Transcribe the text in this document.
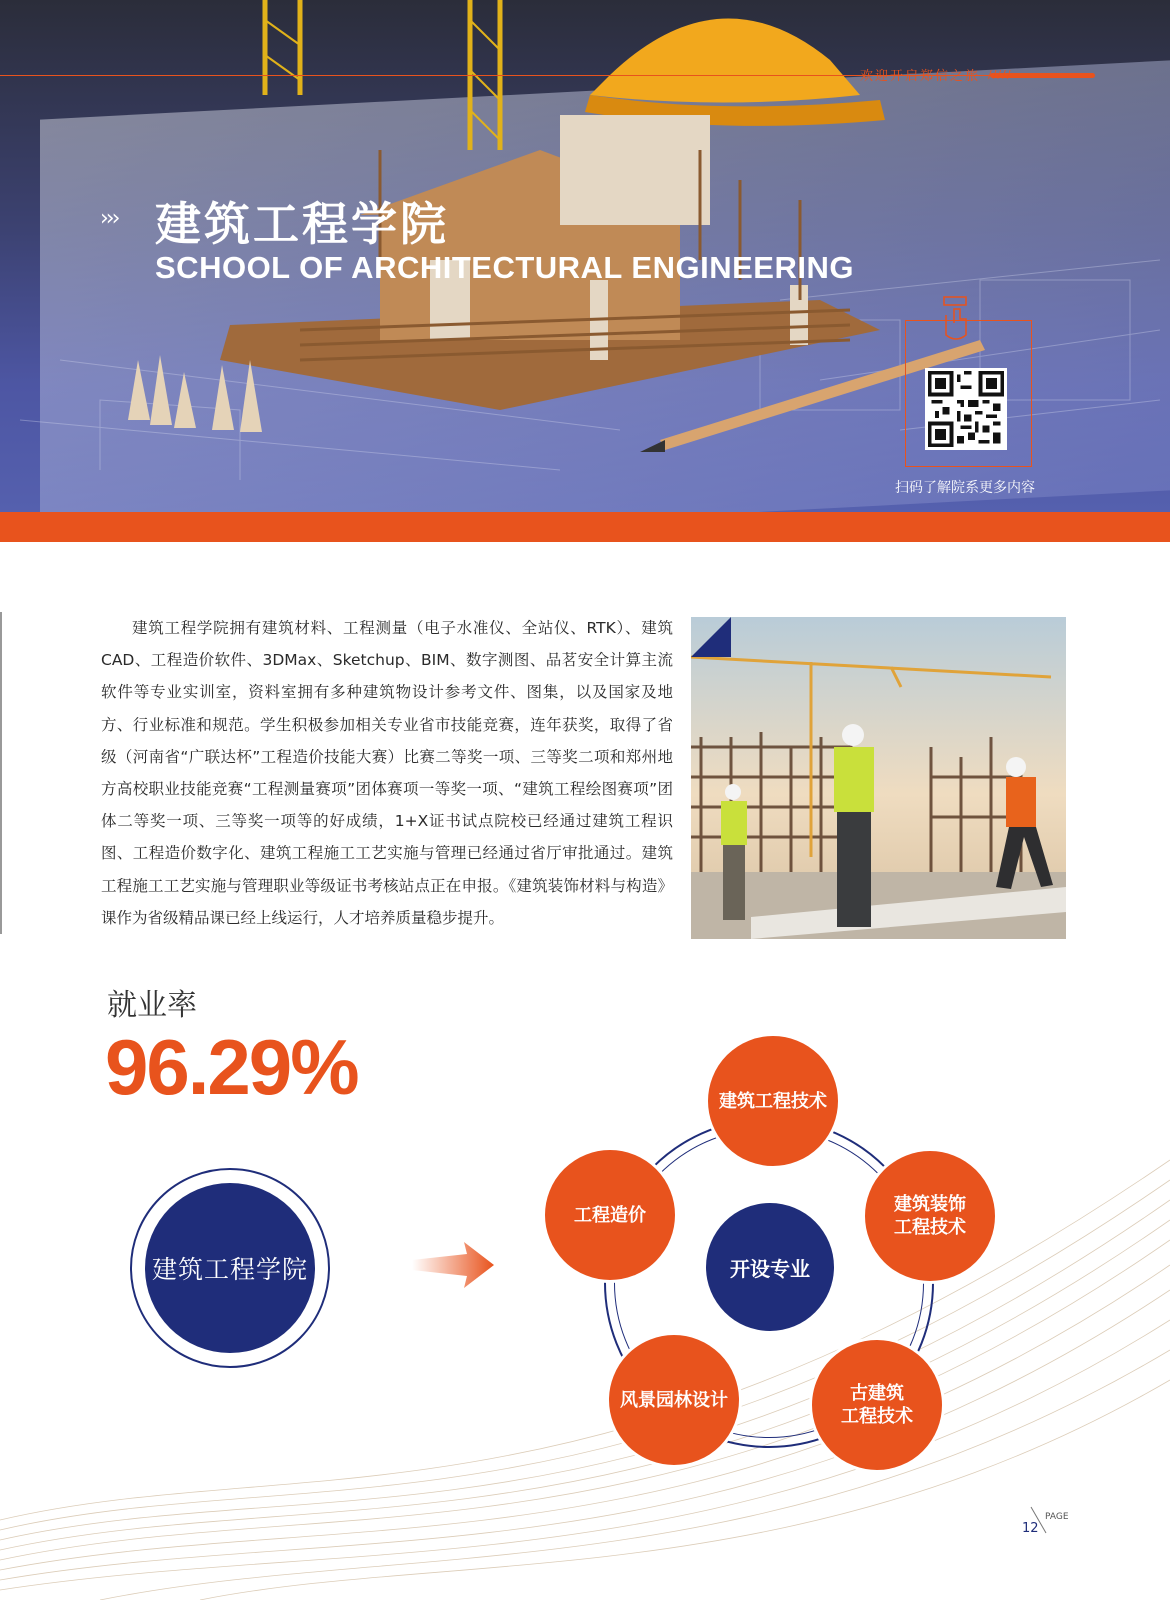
欢迎开启郑信之旅 /////
››› 建筑工程学院
SCHOOL OF ARCHITECTURAL ENGINEERING
扫码了解院系更多内容
建筑工程学院拥有建筑材料、工程测量（电子水准仪、全站仪、RTK）、建筑CAD、工程造价软件、3DMax、Sketchup、BIM、数字测图、品茗安全计算主流软件等专业实训室，资料室拥有多种建筑物设计参考文件、图集，以及国家及地方、行业标准和规范。学生积极参加相关专业省市技能竞赛，连年获奖，取得了省级（河南省“广联达杯”工程造价技能大赛）比赛二等奖一项、三等奖二项和郑州地方高校职业技能竞赛“工程测量赛项”团体赛项一等奖一项、“建筑工程绘图赛项”团体二等奖一项、三等奖一项等的好成绩，1+X证书试点院校已经通过建筑工程识图、工程造价数字化、建筑工程施工工艺实施与管理已经通过省厅审批通过。建筑工程施工工艺实施与管理职业等级证书考核站点正在申报。《建筑装饰材料与构造》课作为省级精品课已经上线运行，人才培养质量稳步提升。
就业率
96.29%
建筑工程学院	开设专业
建筑工程技术
建筑装饰
工程技术
古建筑
工程技术
风景园林设计
工程造价
12
PAGE
